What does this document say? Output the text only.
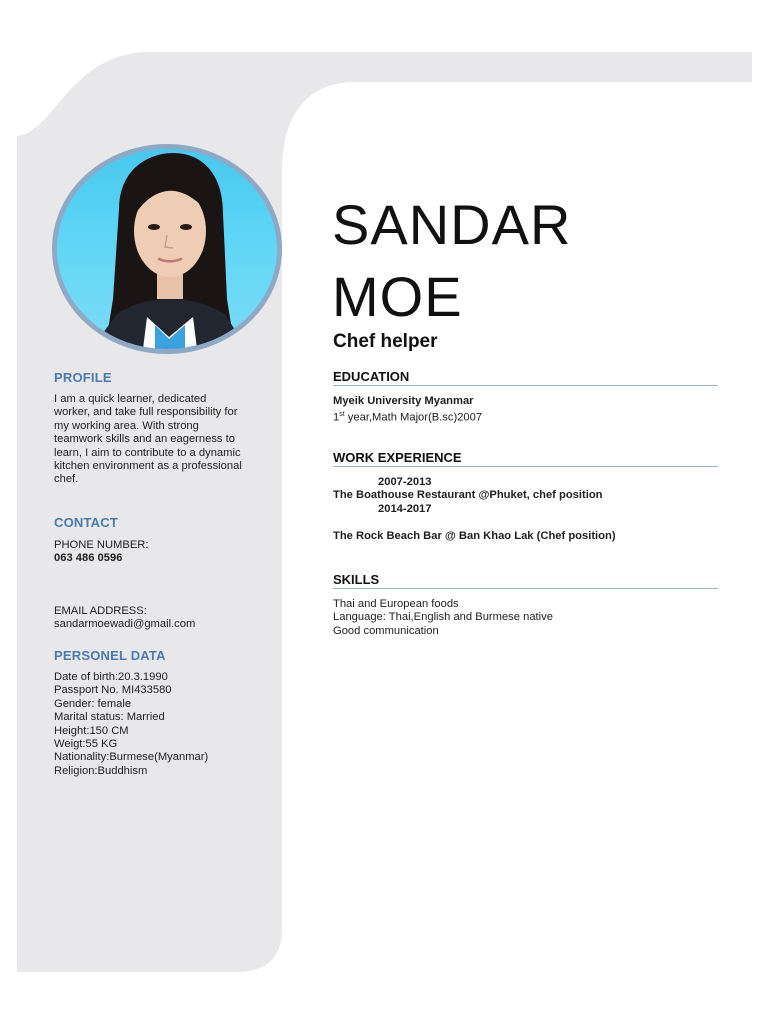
PROFILE
I am a quick learner, dedicated
worker, and take full responsibility for
my working area. With strong
teamwork skills and an eagerness to
learn, I aim to contribute to a dynamic
kitchen environment as a professional
chef.
CONTACT
PHONE NUMBER:
063 486 0596
EMAIL ADDRESS:
sandarmoewadi@gmail.com
PERSONEL DATA
Date of birth:20.3.1990
Passport No. MI433580
Gender: female
Marital status: Married
Height:150 CM
Weigt:55 KG
Nationality:Burmese(Myanmar)
Religion:Buddhism
SANDAR
MOE
Chef helper
EDUCATION
Myeik University Myanmar
1st year,Math Major(B.sc)2007
WORK EXPERIENCE
2007-2013
The Boathouse Restaurant @Phuket, chef position
2014-2017
The Rock Beach Bar @ Ban Khao Lak (Chef position)
SKILLS
Thai and European foods
Language: Thai,English and Burmese native
Good communication
